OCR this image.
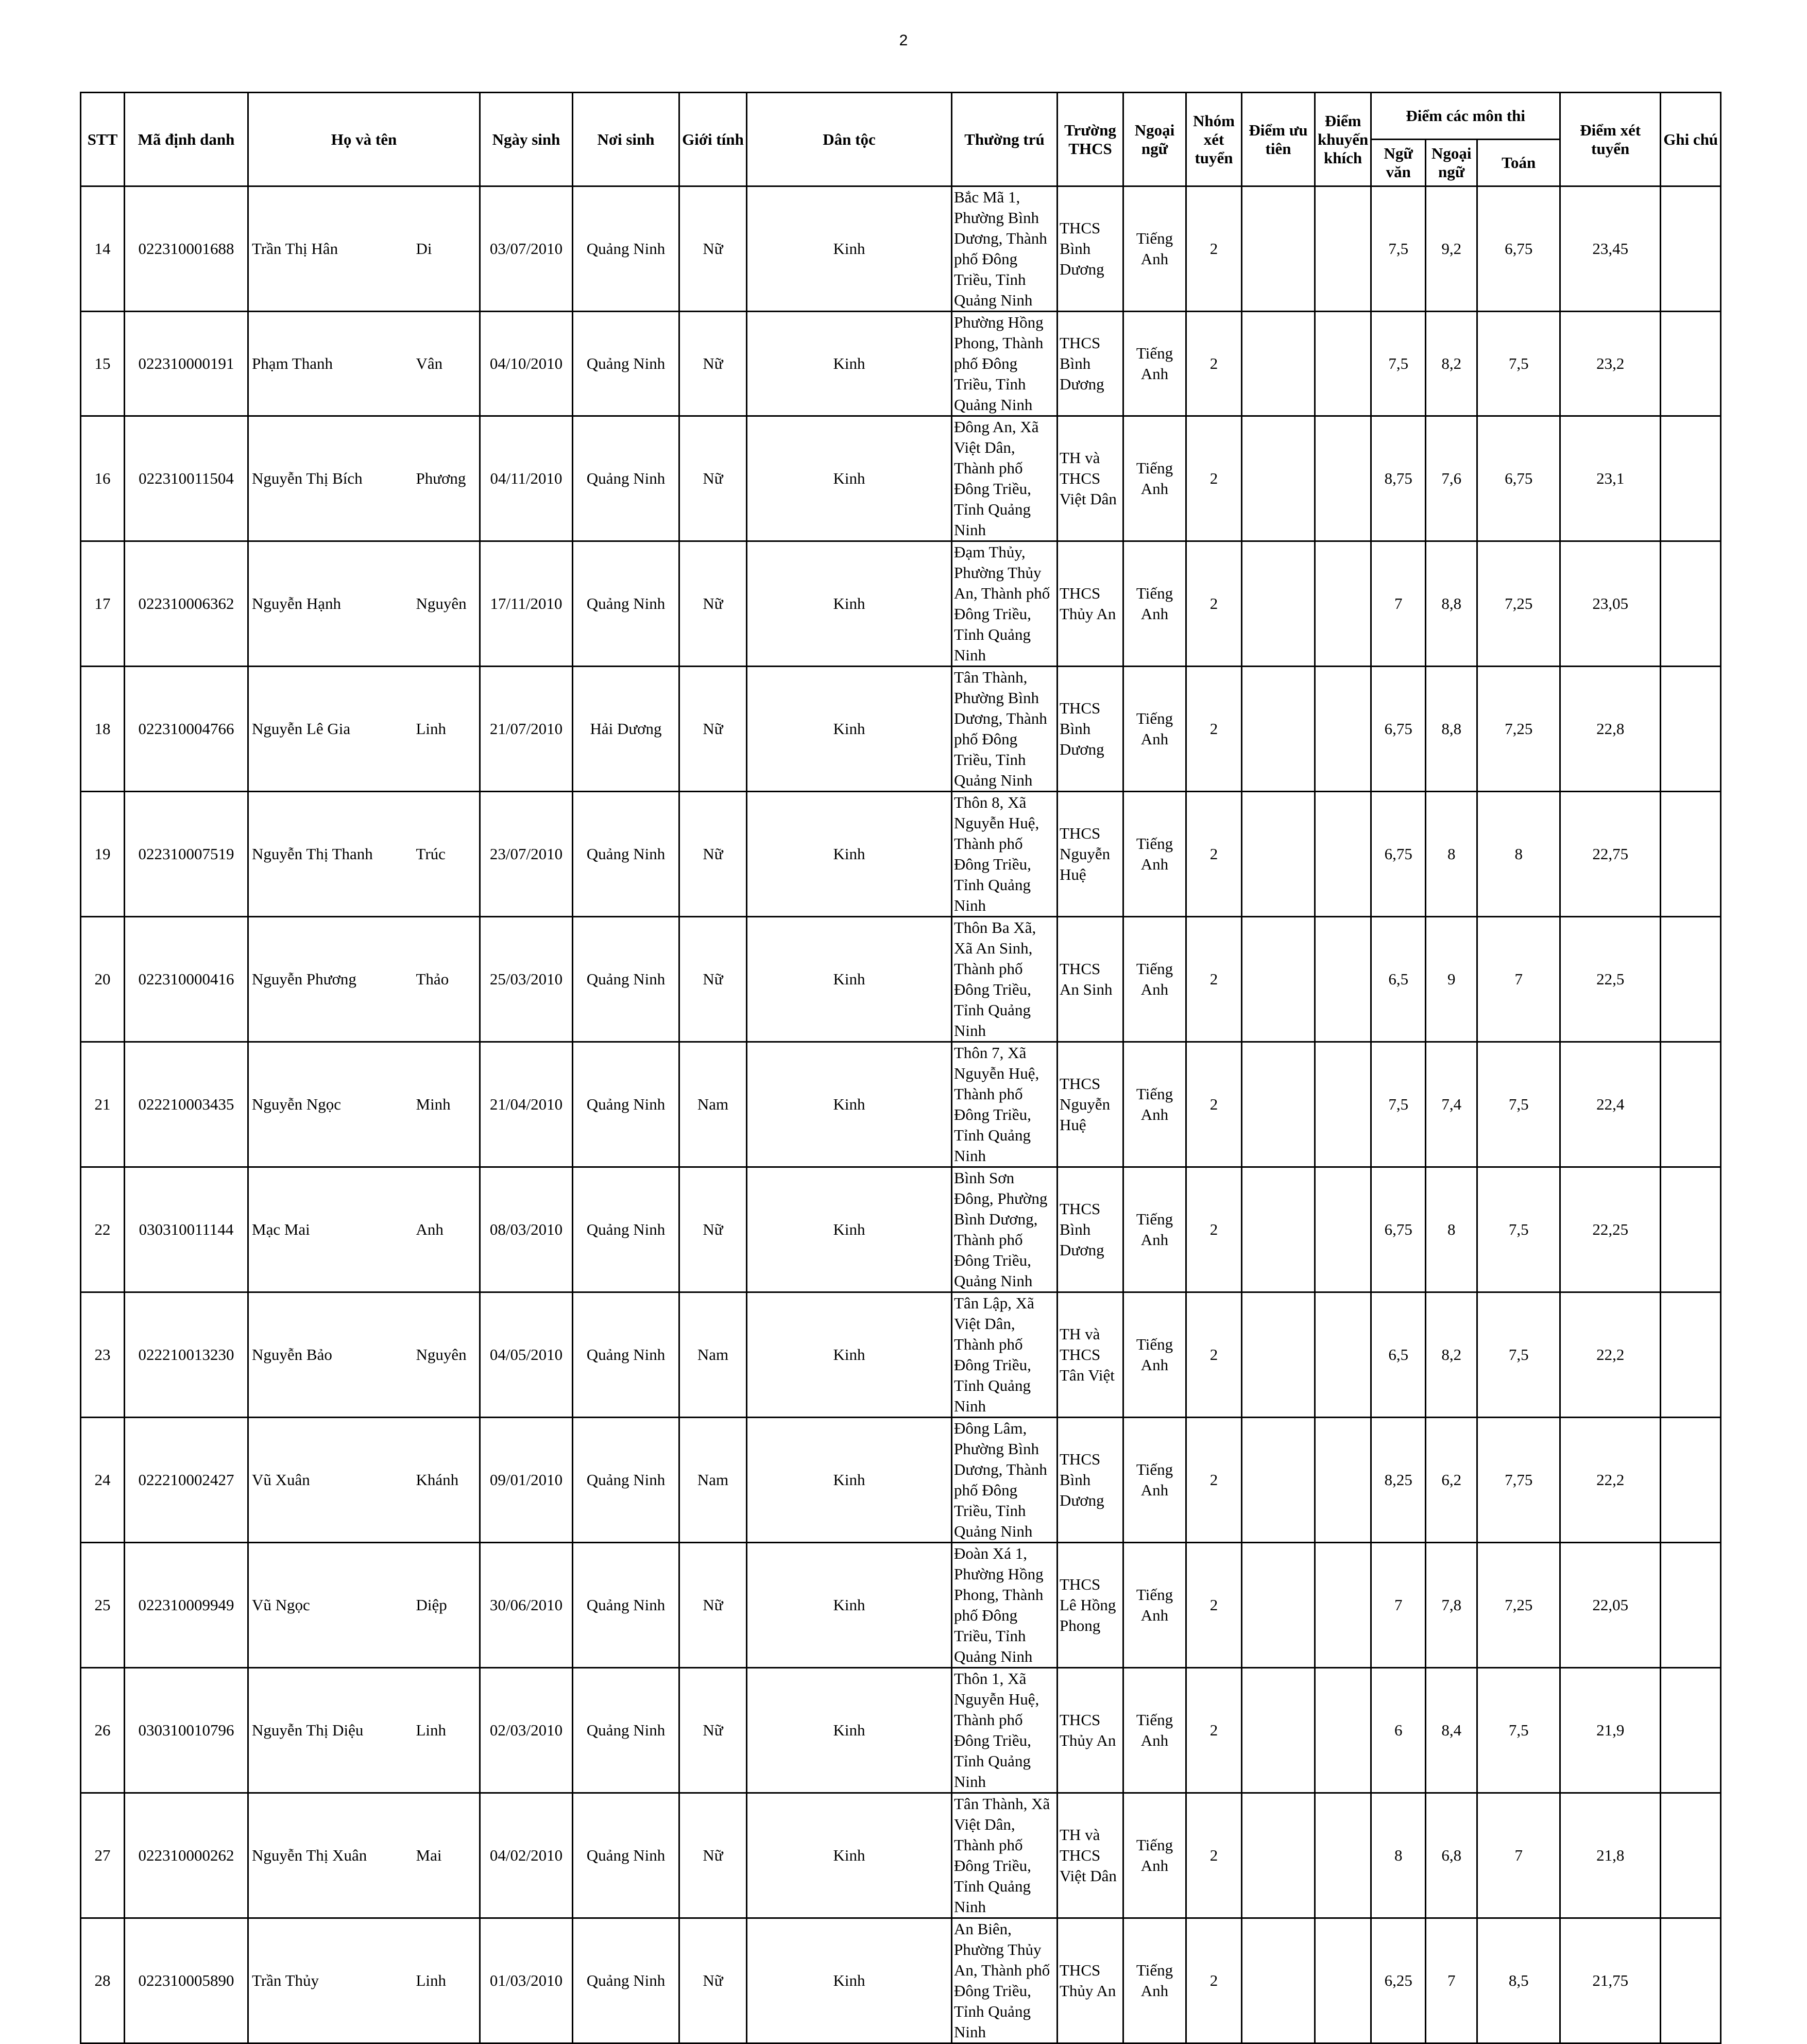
2
STT	Mã định danh	Họ và tên		Ngày sinh	Nơi sinh	Giới tính	Dân tộc	Thường trú	Trường THCS	Ngoại ngữ	Nhóm xét tuyển	Điểm ưu tiên	Điểm khuyến khích	Điểm các môn thi			Điểm xét tuyển	Ghi chú
														Ngữ văn	Ngoại ngữ	Toán		
14	022310001688	Trần Thị Hân	Di	03/07/2010	Quảng Ninh	Nữ	Kinh	Bắc Mã 1, Phường Bình Dương, Thành phố Đông Triều, Tỉnh Quảng Ninh	THCS Bình Dương	Tiếng Anh	2			7,5	9,2	6,75	23,45	
15	022310000191	Phạm Thanh	Vân	04/10/2010	Quảng Ninh	Nữ	Kinh	Phường Hồng Phong, Thành phố Đông Triều, Tỉnh Quảng Ninh	THCS Bình Dương	Tiếng Anh	2			7,5	8,2	7,5	23,2	
16	022310011504	Nguyễn Thị Bích	Phương	04/11/2010	Quảng Ninh	Nữ	Kinh	Đông An, Xã Việt Dân, Thành phố Đông Triều, Tỉnh Quảng Ninh	TH và THCS Việt Dân	Tiếng Anh	2			8,75	7,6	6,75	23,1	
17	022310006362	Nguyễn Hạnh	Nguyên	17/11/2010	Quảng Ninh	Nữ	Kinh	Đạm Thủy, Phường Thủy An, Thành phố Đông Triều, Tỉnh Quảng Ninh	THCS Thủy An	Tiếng Anh	2			7	8,8	7,25	23,05	
18	022310004766	Nguyễn Lê Gia	Linh	21/07/2010	Hải Dương	Nữ	Kinh	Tân Thành, Phường Bình Dương, Thành phố Đông Triều, Tỉnh Quảng Ninh	THCS Bình Dương	Tiếng Anh	2			6,75	8,8	7,25	22,8	
19	022310007519	Nguyễn Thị Thanh	Trúc	23/07/2010	Quảng Ninh	Nữ	Kinh	Thôn 8, Xã Nguyễn Huệ, Thành phố Đông Triều, Tỉnh Quảng Ninh	THCS Nguyễn Huệ	Tiếng Anh	2			6,75	8	8	22,75	
20	022310000416	Nguyễn Phương	Thảo	25/03/2010	Quảng Ninh	Nữ	Kinh	Thôn Ba Xã, Xã An Sinh, Thành phố Đông Triều, Tỉnh Quảng Ninh	THCS An Sinh	Tiếng Anh	2			6,5	9	7	22,5	
21	022210003435	Nguyễn Ngọc	Minh	21/04/2010	Quảng Ninh	Nam	Kinh	Thôn 7, Xã Nguyễn Huệ, Thành phố Đông Triều, Tỉnh Quảng Ninh	THCS Nguyễn Huệ	Tiếng Anh	2			7,5	7,4	7,5	22,4	
22	030310011144	Mạc Mai	Anh	08/03/2010	Quảng Ninh	Nữ	Kinh	Bình Sơn Đông, Phường Bình Dương, Thành phố Đông Triều, Quảng Ninh	THCS Bình Dương	Tiếng Anh	2			6,75	8	7,5	22,25	
23	022210013230	Nguyễn Bảo	Nguyên	04/05/2010	Quảng Ninh	Nam	Kinh	Tân Lập, Xã Việt Dân, Thành phố Đông Triều, Tỉnh Quảng Ninh	TH và THCS Tân Việt	Tiếng Anh	2			6,5	8,2	7,5	22,2	
24	022210002427	Vũ Xuân	Khánh	09/01/2010	Quảng Ninh	Nam	Kinh	Đông Lâm, Phường Bình Dương, Thành phố Đông Triều, Tỉnh Quảng Ninh	THCS Bình Dương	Tiếng Anh	2			8,25	6,2	7,75	22,2	
25	022310009949	Vũ Ngọc	Diệp	30/06/2010	Quảng Ninh	Nữ	Kinh	Đoàn Xá 1, Phường Hồng Phong, Thành phố Đông Triều, Tỉnh Quảng Ninh	THCS Lê Hồng Phong	Tiếng Anh	2			7	7,8	7,25	22,05	
26	030310010796	Nguyễn Thị Diệu	Linh	02/03/2010	Quảng Ninh	Nữ	Kinh	Thôn 1, Xã Nguyễn Huệ, Thành phố Đông Triều, Tỉnh Quảng Ninh	THCS Thủy An	Tiếng Anh	2			6	8,4	7,5	21,9	
27	022310000262	Nguyễn Thị Xuân	Mai	04/02/2010	Quảng Ninh	Nữ	Kinh	Tân Thành, Xã Việt Dân, Thành phố Đông Triều, Tỉnh Quảng Ninh	TH và THCS Việt Dân	Tiếng Anh	2			8	6,8	7	21,8	
28	022310005890	Trần Thủy	Linh	01/03/2010	Quảng Ninh	Nữ	Kinh	An Biên, Phường Thủy An, Thành phố Đông Triều, Tỉnh Quảng Ninh	THCS Thủy An	Tiếng Anh	2			6,25	7	8,5	21,75	
